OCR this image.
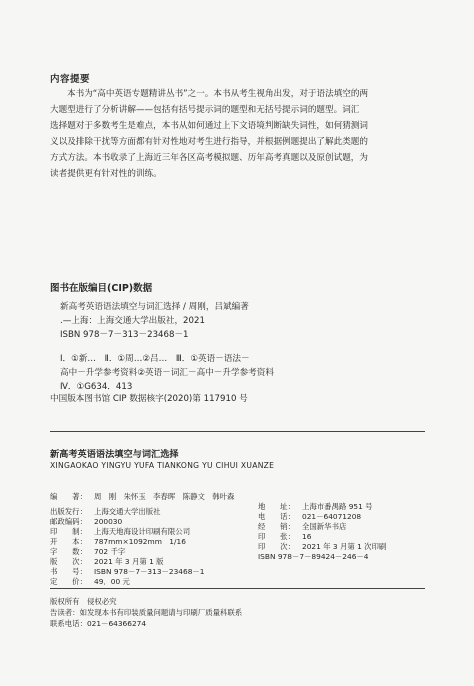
内容提要
本书为“高中英语专题精讲丛书”之一。本书从考生视角出发，对于语法填空的两
大题型进行了分析讲解——包括有括号提示词的题型和无括号提示词的题型。词汇
选择题对于多数考生是难点，本书从如何通过上下文语境判断缺失词性，如何猜测词
义以及排除干扰等方面都有针对性地对考生进行指导，并根据例题提出了解此类题的
方式方法。本书收录了上海近三年各区高考模拟题、历年高考真题以及原创试题，为
读者提供更有针对性的训练。
图书在版编目(CIP)数据
新高考英语语法填空与词汇选择 / 周刚，吕斌编著
.—上海：上海交通大学出版社，2021
ISBN 978－7－313－23468－1
Ⅰ．①新…　Ⅱ．①周…②吕…　Ⅲ．①英语－语法－
高中－升学参考资料②英语－词汇－高中－升学参考资料
Ⅳ．①G634．413
中国版本图书馆 CIP 数据核字(2020)第 117910 号
新高考英语语法填空与词汇选择
XINGAOKAO YINGYU YUFA TIANKONG YU CIHUI XUANZE
编　　著： 周　刚　朱怀玉　李春晖　陈静文　韩叶森
出版发行： 上海交通大学出版社
邮政编码： 200030
印　　制： 上海天地海设计印刷有限公司
开　　本： 787mm×1092mm　1/16
字　　数： 702 千字
版　　次： 2021 年 3 月第 1 版
书　　号： ISBN 978－7－313－23468－1
定　　价： 49．00 元
地　　址： 上海市番禺路 951 号
电　　话： 021－64071208
经　　销： 全国新华书店
印　　张： 16
印　　次： 2021 年 3 月第 1 次印刷
ISBN 978－7－89424－246－4
版权所有　侵权必究
告读者：如发现本书有印装质量问题请与印刷厂质量科联系
联系电话：021－64366274
